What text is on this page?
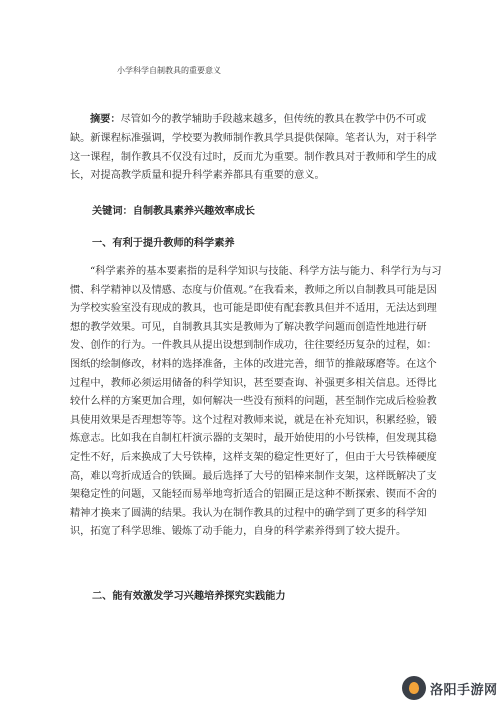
小学科学自制教具的重要意义

摘要：尽管如今的教学辅助手段越来越多，但传统的教具在教学中仍不可或缺。新课程标准强调，学校要为教师制作教具学具提供保障。笔者认为，对于科学这一课程，制作教具不仅没有过时，反而尤为重要。制作教具对于教师和学生的成长，对提高教学质量和提升科学素养都具有重要的意义。

关键词：自制教具素养兴趣效率成长
一、有利于提升教师的科学素养

“科学素养的基本要素指的是科学知识与技能、科学方法与能力、科学行为与习惯、科学精神以及情感、态度与价值观。”在我看来，教师之所以自制教具可能是因为学校实验室没有现成的教具，也可能是即使有配套教具但并不适用，无法达到理想的教学效果。可见，自制教具其实是教师为了解决教学问题而创造性地进行研发、创作的行为。一件教具从提出设想到制作成功，往往要经历复杂的过程，如：图纸的绘制修改，材料的选择准备，主体的改进完善，细节的推敲琢磨等。在这个过程中，教师必须运用储备的科学知识，甚至要查询、补强更多相关信息。还得比较什么样的方案更加合理，如何解决一些没有预料的问题，甚至制作完成后检验教具使用效果是否理想等等。这个过程对教师来说，就是在补充知识，积累经验，锻炼意志。比如我在自制杠杆演示器的支架时，最开始使用的小号铁棒，但发现其稳定性不好，后来换成了大号铁棒，这样支架的稳定性更好了，但由于大号铁棒硬度高，难以弯折成适合的铁圈。最后选择了大号的铝棒来制作支架，这样既解决了支架稳定性的问题，又能轻而易举地弯折适合的铝圈正是这种不断探索、锲而不舍的精神才换来了圆满的结果。我认为在制作教具的过程中的确学到了更多的科学知识，拓宽了科学思维、锻炼了动手能力，自身的科学素养得到了较大提升。

二、能有效激发学习兴趣培养探究实践能力
洛阳手游网
